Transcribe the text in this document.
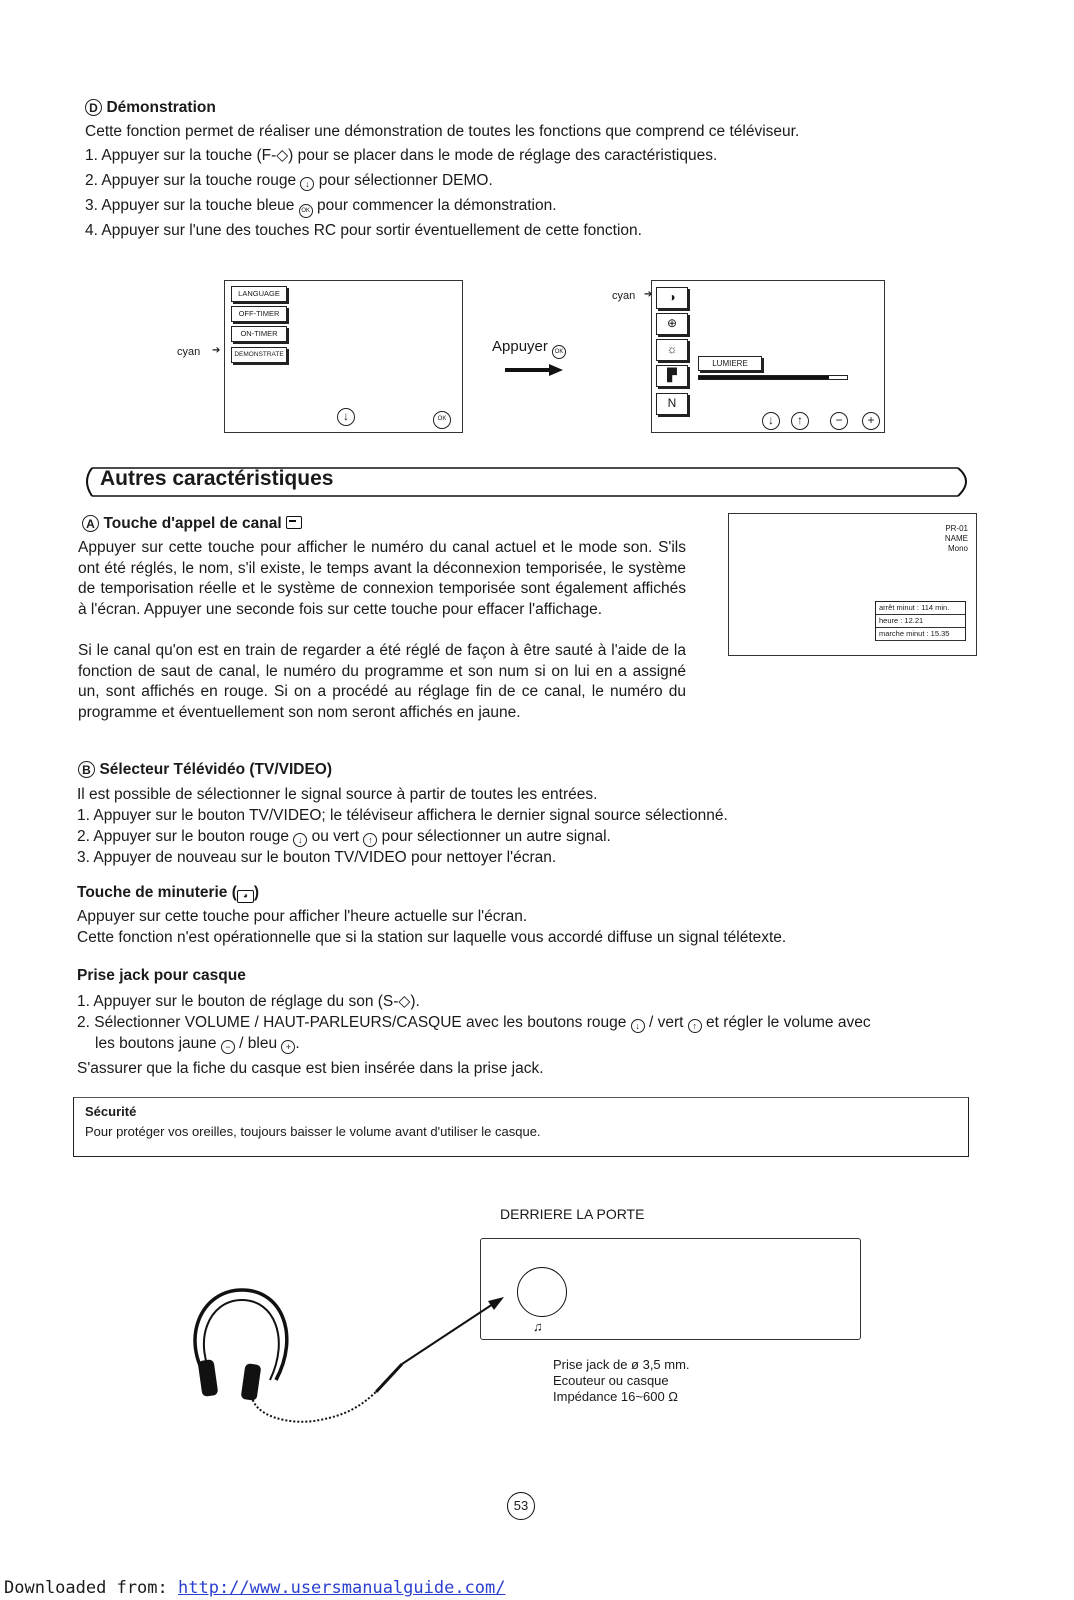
D Démonstration
Cette fonction permet de réaliser une démonstration de toutes les fonctions que comprend ce téléviseur.
1. Appuyer sur la touche (F-◇) pour se placer dans le mode de réglage des caractéristiques.
2. Appuyer sur la touche rouge ↓ pour sélectionner DEMO.
3. Appuyer sur la touche bleue OK pour commencer la démonstration.
4. Appuyer sur l'une des touches RC pour sortir éventuellement de cette fonction.
cyan ➔
LANGUAGE
OFF-TIMER
ON-TIMER
DEMONSTRATE
↓	OK
Appuyer OK
cyan ➔	◑
⊕
☼
▛
N
LUMIERE
↓	↑	−	+
Autres caractéristiques
A Touche d'appel de canal
Appuyer sur cette touche pour afficher le numéro du canal actuel et le mode son. S'ils ont été réglés, le nom, s'il existe, le temps avant la déconnexion temporisée, le système de temporisation réelle et le système de connexion temporisée sont également affichés à l'écran. Appuyer une seconde fois sur cette touche pour effacer l'affichage.
Si le canal qu'on est en train de regarder a été réglé de façon à être sauté à l'aide de la fonction de saut de canal, le numéro du programme et son num si on lui en a assigné un, sont affichés en rouge. Si on a procédé au réglage fin de ce canal, le numéro du programme et éventuellement son nom seront affichés en jaune.
PR-01
NAME
Mono
arrêt minut : 114 min.
heure : 12.21
marche minut : 15.35
B Sélecteur Télévidéo (TV/VIDEO)
Il est possible de sélectionner le signal source à partir de toutes les entrées.
1. Appuyer sur le bouton TV/VIDEO; le téléviseur affichera le dernier signal source sélectionné.
2. Appuyer sur le bouton rouge ↓ ou vert ↑ pour sélectionner un autre signal.
3. Appuyer de nouveau sur le bouton TV/VIDEO pour nettoyer l'écran.
Touche de minuterie ( ◕ )
Appuyer sur cette touche pour afficher l'heure actuelle sur l'écran.
Cette fonction n'est opérationnelle que si la station sur laquelle vous accordé diffuse un signal télétexte.
Prise jack pour casque
1. Appuyer sur le bouton de réglage du son (S-◇).
2. Sélectionner VOLUME / HAUT-PARLEURS/CASQUE avec les boutons rouge ↓ / vert ↑ et régler le volume avec
les boutons jaune − / bleu + .
S'assurer que la fiche du casque est bien insérée dans la prise jack.
Sécurité
Pour protéger vos oreilles, toujours baisser le volume avant d'utiliser le casque.
DERRIERE LA PORTE
♫
Prise jack de ø 3,5 mm.
Ecouteur ou casque
Impédance 16~600 Ω
53
Downloaded from: http://www.usersmanualguide.com/
